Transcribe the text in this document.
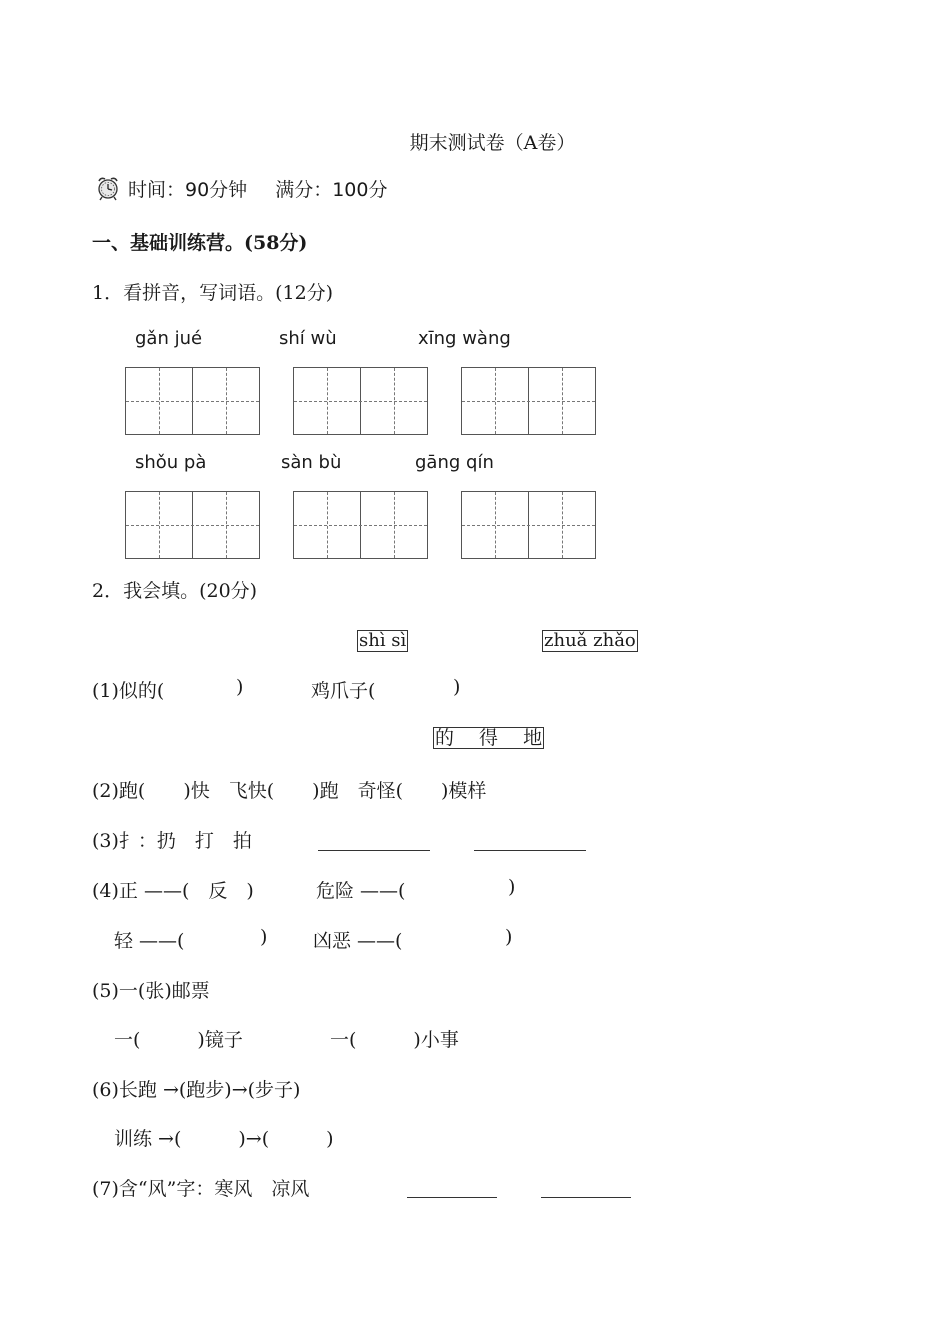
期末测试卷（A卷）
时间：90分钟 满分：100分
一、基础训练营。(58分)
1．看拼音，写词语。(12分)
gǎn jué	shí wù	xīng wàng
shǒu pà	sàn bù	gāng qín
2．我会填。(20分)
shì sì	zhuǎ zhǎo
(1)似的(	)	鸡爪子(	)
的　 得　 地
(2)跑(　　)快　飞快(　　)跑　奇怪(　　)模样
(3)扌：扔　打　拍
(4)正 ——(　反　)	危险 ——(	)
轻 ——(	) 凶恶 ——(	)
(5)一(张)邮票
一(　　　)镜子	一(　　　)小事
(6)长跑 →(跑步)→(步子)
训练 →(　　　)→(　　　)
(7)含“风”字：寒风　凉风
